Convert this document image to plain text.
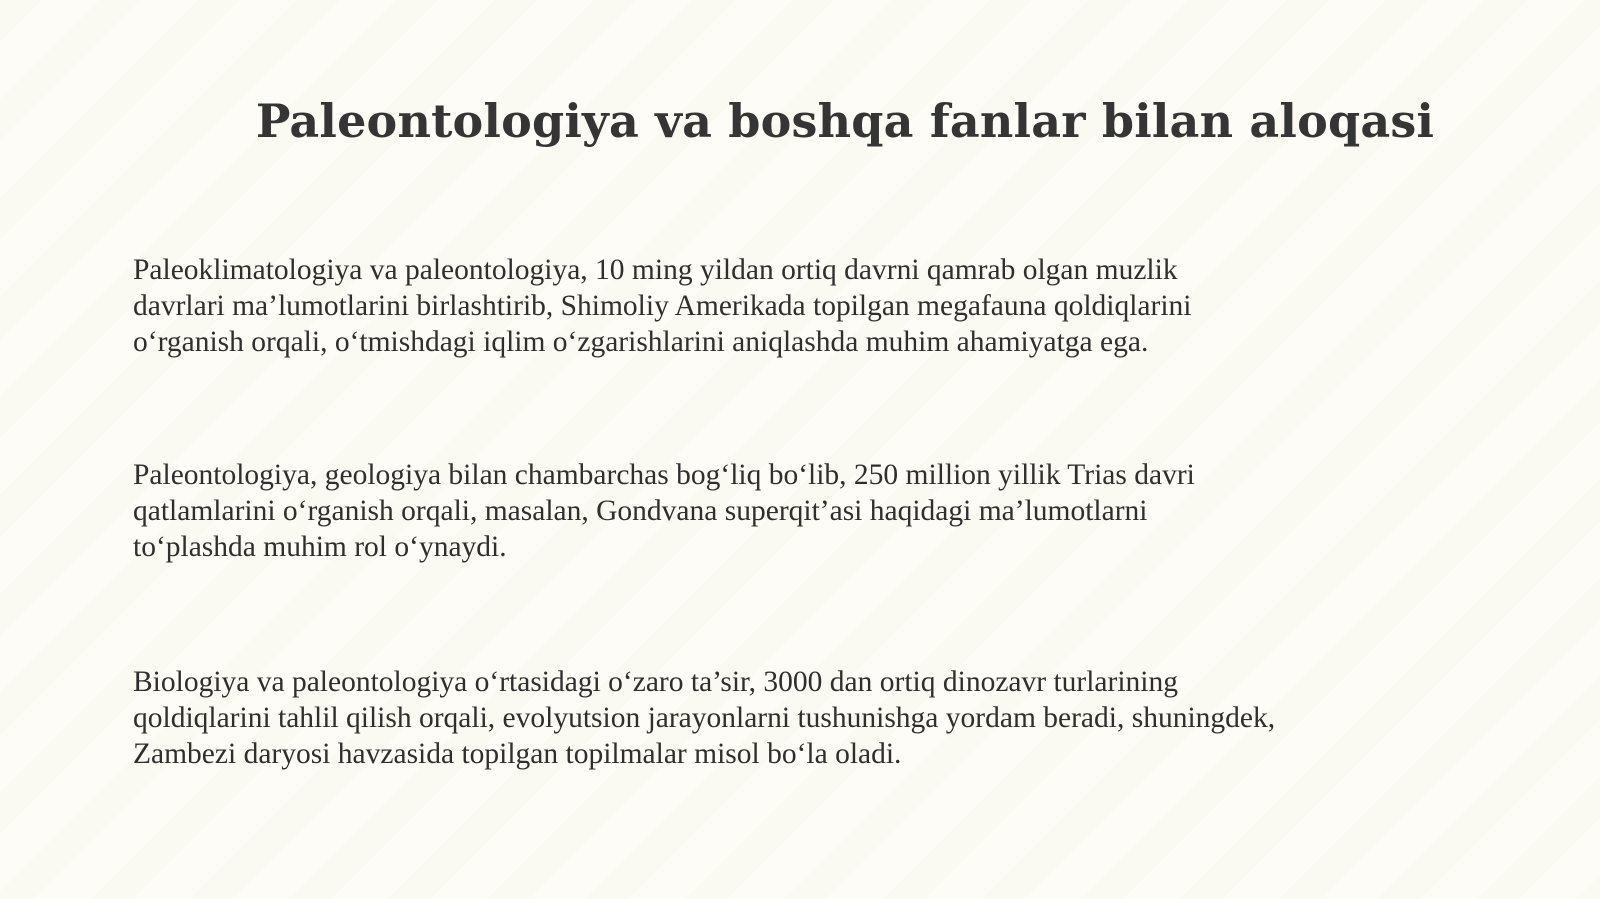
Paleontologiya va boshqa fanlar bilan aloqasi

Paleoklimatologiya va paleontologiya, 10 ming yildan ortiq davrni qamrab olgan muzlik
davrlari ma’lumotlarini birlashtirib, Shimoliy Amerikada topilgan megafauna qoldiqlarini
o‘rganish orqali, o‘tmishdagi iqlim o‘zgarishlarini aniqlashda muhim ahamiyatga ega.

Paleontologiya, geologiya bilan chambarchas bog‘liq bo‘lib, 250 million yillik Trias davri
qatlamlarini o‘rganish orqali, masalan, Gondvana superqit’asi haqidagi ma’lumotlarni
to‘plashda muhim rol o‘ynaydi.

Biologiya va paleontologiya o‘rtasidagi o‘zaro ta’sir, 3000 dan ortiq dinozavr turlarining
qoldiqlarini tahlil qilish orqali, evolyutsion jarayonlarni tushunishga yordam beradi, shuningdek,
Zambezi daryosi havzasida topilgan topilmalar misol bo‘la oladi.
